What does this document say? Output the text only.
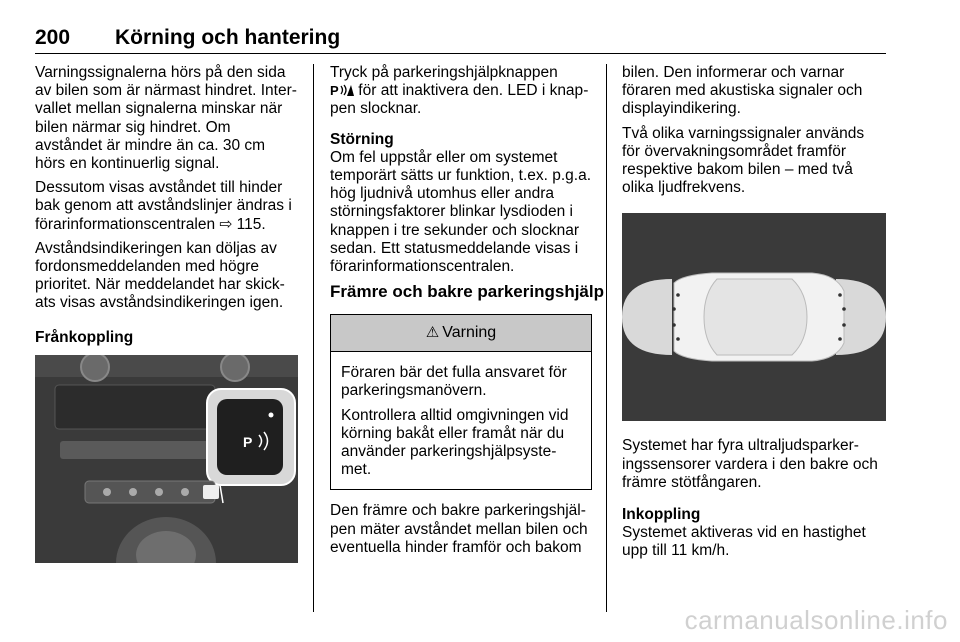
200 Körning och hantering

Varningssignalerna hörs på den sida av bilen som är närmast hindret. Intervallet mellan signalerna minskar när bilen närmar sig hindret. Om avståndet är mindre än ca. 30 cm hörs en kontinuerlig signal.

Dessutom visas avståndet till hinder bak genom att avståndslinjer ändras i förarinformationscentralen ⇨ 115.

Avståndsindikeringen kan döljas av fordonsmeddelanden med högre prioritet. När meddelandet har skickats visas avståndsindikeringen igen.

Frånkoppling
P

Tryck på parkeringshjälpknappen

P för att inaktivera den. LED i knappen slocknar.

Störning

Om fel uppstår eller om systemet temporärt sätts ur funktion, t.ex. p.g.a. hög ljudnivå utomhus eller andra störningsfaktorer blinkar lysdioden i knappen i tre sekunder och slocknar sedan. Ett statusmeddelande visas i förarinformationscentralen.

Främre och bakre parkeringshjälp
⚠ Varning

Föraren bär det fulla ansvaret för parkeringsmanövern.

Kontrollera alltid omgivningen vid körning bakåt eller framåt när du använder parkeringshjälpsystemet.

Den främre och bakre parkeringshjälpen mäter avståndet mellan bilen och eventuella hinder framför och bakom

bilen. Den informerar och varnar föraren med akustiska signaler och displayindikering.

Två olika varningssignaler används för övervakningsområdet framför respektive bakom bilen – med två olika ljudfrekvens.

Systemet har fyra ultraljudsparkeringssensorer vardera i den bakre och främre stötfångaren.

Inkoppling

Systemet aktiveras vid en hastighet upp till 11 km/h.

carmanualsonline.info
